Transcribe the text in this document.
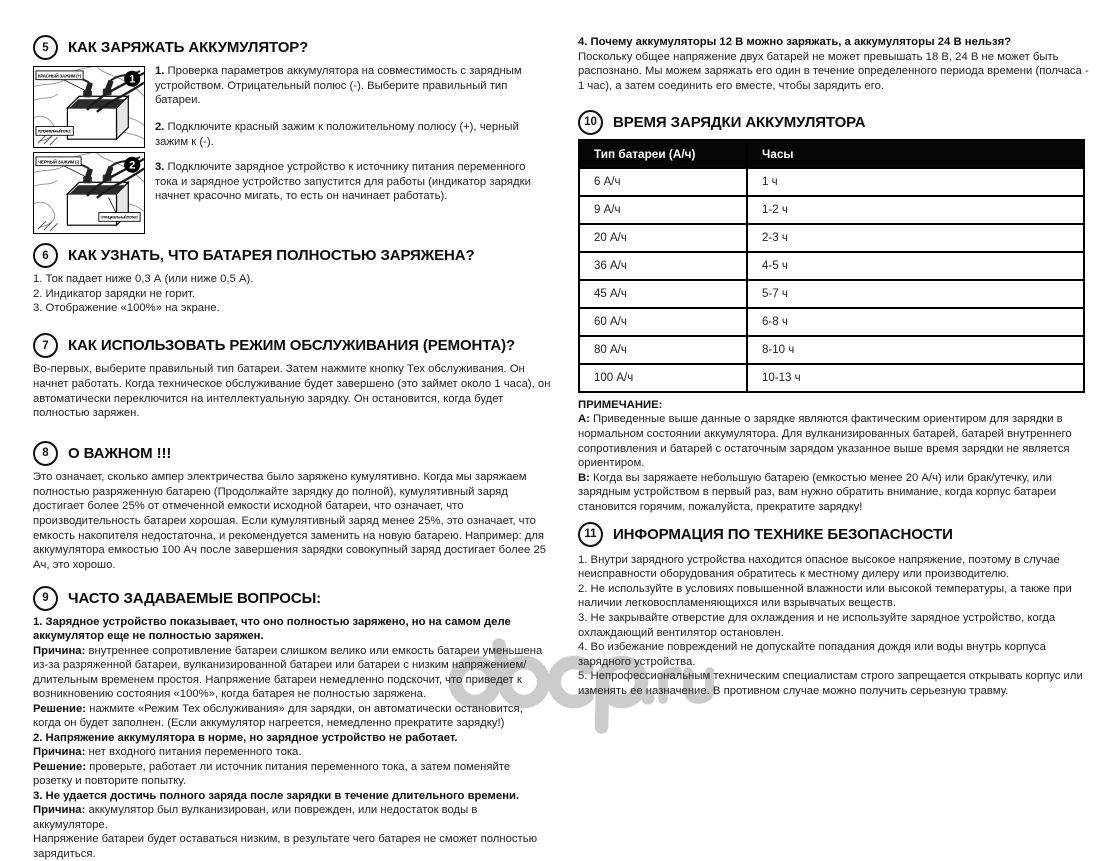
5	КАК ЗАРЯЖАТЬ АККУМУЛЯТОР?
КРАСНЫЙ ЗАЖИМ (+)
ПОЛОЖИТЕЛЬНЫЙ ПОЛЮС
1
ЧЕРНЫЙ ЗАЖИМ (-)
ОТРИЦАТЕЛЬНЫЙ ПОЛЮС
2

1. Проверка параметров аккумулятора на совместимость с зарядным устройством. Отрицательный полюс (-). Выберите правильный тип батареи.

2. Подключите красный зажим к положительному полюсу (+), черный зажим к (-).

3. Подключите зарядное устройство к источнику питания переменного тока и зарядное устройство запустится для работы (индикатор зарядки начнет красочно мигать, то есть он начинает работать).

6	КАК УЗНАТЬ, ЧТО БАТАРЕЯ ПОЛНОСТЬЮ ЗАРЯЖЕНА?

1. Ток падает ниже 0,3 А (или ниже 0,5 А).

2. Индикатор зарядки не горит.

3. Отображение «100%» на экране.

7	КАК ИСПОЛЬЗОВАТЬ РЕЖИМ ОБСЛУЖИВАНИЯ (РЕМОНТА)?

Во-первых, выберите правильный тип батареи. Затем нажмите кнопку Тех обслуживания. Он начнет работать. Когда техническое обслуживание будет завершено (это займет около 1 часа), он автоматически переключится на интеллектуальную зарядку. Он остановится, когда будет полностью заряжен.

8	О ВАЖНОМ !!!

Это означает, сколько ампер электричества было заряжено кумулятивно. Когда мы заряжаем полностью разряженную батарею (Продолжайте зарядку до полной), кумулятивный заряд достигает более 25% от отмеченной емкости исходной батареи, что означает, что производительность батареи хорошая. Если кумулятивный заряд менее 25%, это означает, что емкость накопителя недостаточна, и рекомендуется заменить на новую батарею. Например: для аккумулятора емкостью 100 Ач после завершения зарядки совокупный заряд достигает более 25 Ач, это хорошо.

9	ЧАСТО ЗАДАВАЕМЫЕ ВОПРОСЫ:

1. Зарядное устройство показывает, что оно полностью заряжено, но на самом деле аккумулятор еще не полностью заряжен.

Причина: внутреннее сопротивление батареи слишком велико или емкость батареи уменьшена из-за разряженной батареи, вулканизированной батареи или батареи с низким напряжением/длительным временем простоя. Напряжение батареи немедленно подскочит, что приведет к возникновению состояния «100%», когда батарея не полностью заряжена.

Решение: нажмите «Режим Тех обслуживания» для зарядки, он автоматически остановится, когда он будет заполнен. (Если аккумулятор нагреется, немедленно прекратите зарядку!)

2. Напряжение аккумулятора в норме, но зарядное устройство не работает.

Причина: нет входного питания переменного тока.

Решение: проверьте, работает ли источник питания переменного тока, а затем поменяйте розетку и повторите попытку.

3. Не удается достичь полного заряда после зарядки в течение длительного времени.

Причина: аккумулятор был вулканизирован, или поврежден, или недостаток воды в аккумуляторе.

Напряжение батареи будет оставаться низким, в результате чего батарея не сможет полностью зарядиться.

4. Почему аккумуляторы 12 В можно заряжать, а аккумуляторы 24 В нельзя?

Поскольку общее напряжение двух батарей не может превышать 18 В, 24 В не может быть распознано. Мы можем заряжать его один в течение определенного периода времени (полчаса - 1 час), а затем соединить его вместе, чтобы зарядить его.

10	ВРЕМЯ ЗАРЯДКИ АККУМУЛЯТОРА
Тип батареи (А/ч)	Часы
6 А/ч	1 ч
9 А/ч	1-2 ч
20 А/ч	2-3 ч
36 А/ч	4-5 ч
45 А/ч	5-7 ч
60 А/ч	6-8 ч
80 А/ч	8-10 ч
100 А/ч	10-13 ч

ПРИМЕЧАНИЕ:

А: Приведенные выше данные о зарядке являются фактическим ориентиром для зарядки в нормальном состоянии аккумулятора. Для вулканизированных батарей, батарей внутреннего сопротивления и батарей с остаточным зарядом указанное выше время зарядки не является ориентиром.

В: Когда вы заряжаете небольшую батарею (емкостью менее 20 А/ч) или брак/утечку, или зарядным устройством в первый раз, вам нужно обратить внимание, когда корпус батареи становится горячим, пожалуйста, прекратите зарядку!

11	ИНФОРМАЦИЯ ПО ТЕХНИКЕ БЕЗОПАСНОСТИ

1. Внутри зарядного устройства находится опасное высокое напряжение, поэтому в случае неисправности оборудования обратитесь к местному дилеру или производителю.

2. Не используйте в условиях повышенной влажности или высокой температуры, а также при наличии легковоспламеняющихся или взрывчатых веществ.

3. Не закрывайте отверстие для охлаждения и не используйте зарядное устройство, когда охлаждающий вентилятор остановлен.

4. Во избежание повреждений не допускайте попадания дождя или воды внутрь корпуса зарядного устройства.

5. Непрофессиональным техническим специалистам строго запрещается открывать корпус или изменять ее назначение. В противном случае можно получить серьезную травму.
